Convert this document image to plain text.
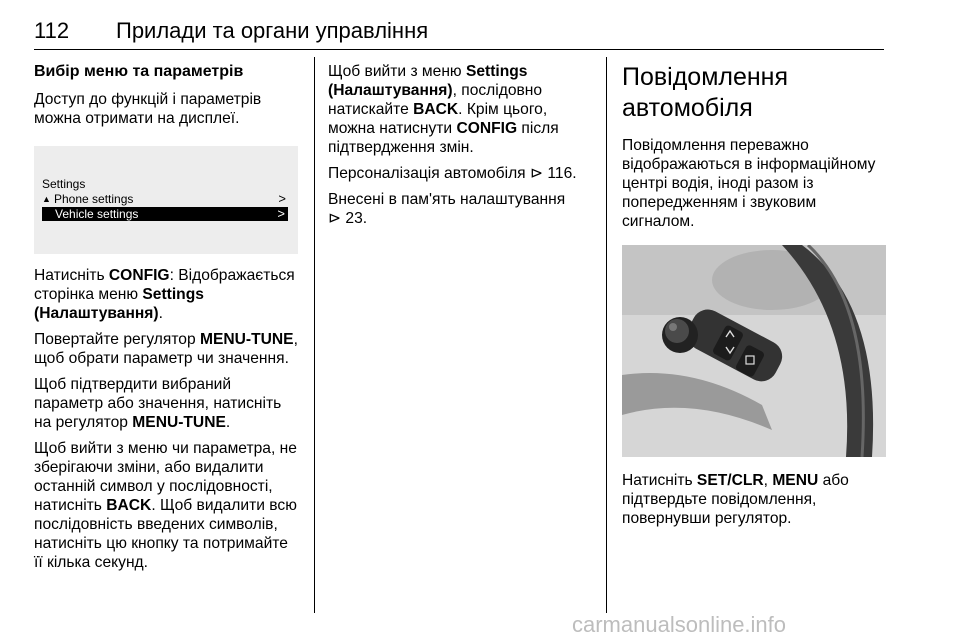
112 Прилади та органи управління
Вибір меню та параметрів

Доступ до функцій і параметрів можна отримати на дисплеї.

Settings
▲ Phone settings	>
Vehicle settings	>

Натисніть CONFIG: Відображається сторінка меню Settings (Налаштування).

Повертайте регулятор MENU-TUNE, щоб обрати параметр чи значення.

Щоб підтвердити вибраний параметр або значення, натисніть на регулятор MENU-TUNE.

Щоб вийти з меню чи параметра, не зберігаючи зміни, або видалити останній символ у послідовності, натисніть BACK. Щоб видалити всю послідовність введених символів, натисніть цю кнопку та потримайте її кілька секунд.

Щоб вийти з меню Settings (Налаштування), послідовно натискайте BACK. Крім цього, можна натиснути CONFIG після підтвердження змін.

Персоналізація автомобіля ⊳ 116.

Внесені в пам'ять налаштування
⊳ 23.

Повідомлення автомобіля

Повідомлення переважно відображаються в інформаційному центрі водія, іноді разом із попередженням і звуковим сигналом.

Натисніть SET/CLR, MENU або підтвердьте повідомлення, повернувши регулятор.

carmanualsonline.info
